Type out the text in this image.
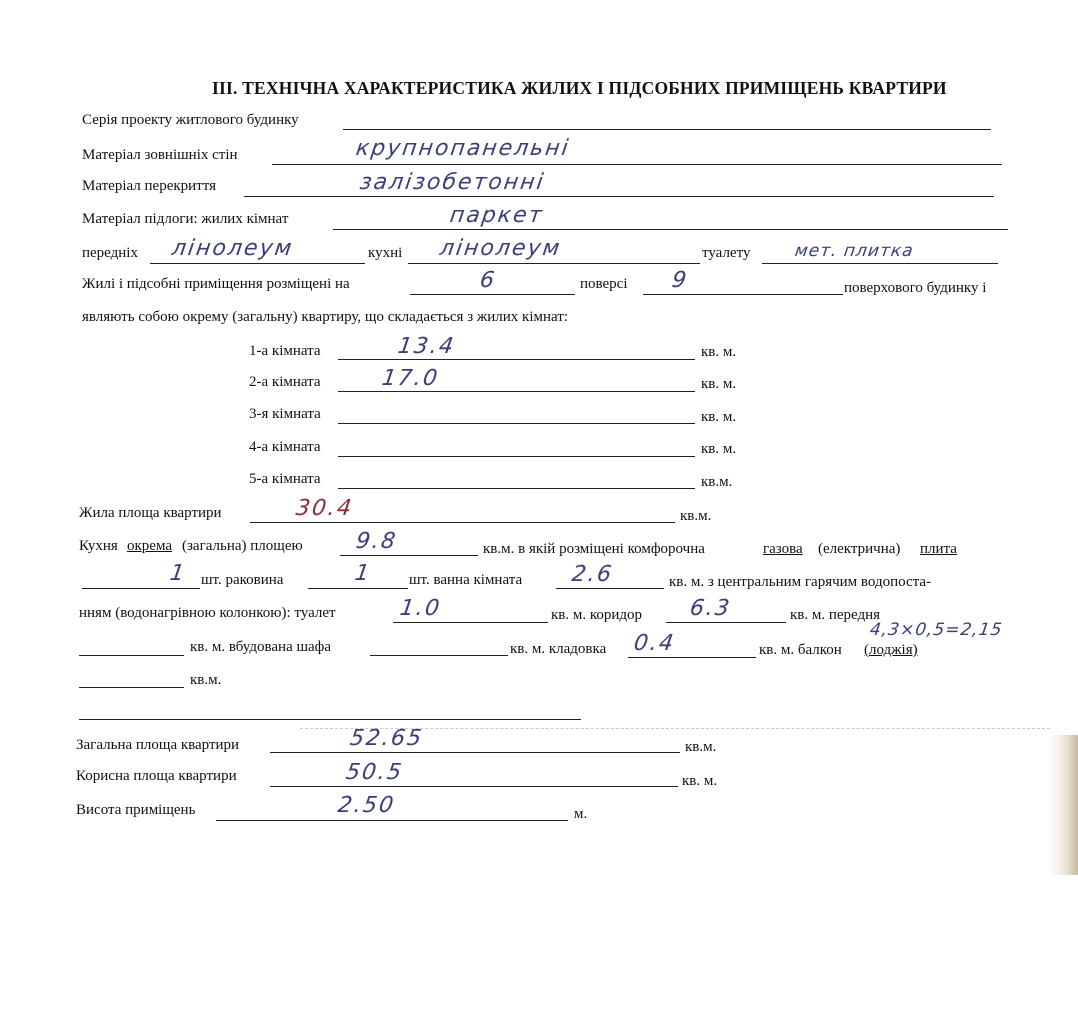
ІІІ. ТЕХНІЧНА ХАРАКТЕРИСТИКА ЖИЛИХ І ПІДСОБНИХ ПРИМІЩЕНЬ КВАРТИРИ
Серія проекту житлового будинку
Матеріал зовнішніх стін	крупнопанельні
Матеріал перекриття	залізобетонні
Матеріал підлоги: жилих кімнат	паркет
передніх лінолеум	кухні лінолеум	туалету	мет. плитка
Жилі і підсобні приміщення розміщені на	6	поверсі 9	поверхового будинку і
являють собою окрему (загальну) квартиру, що складається з жилих кімнат:
1-а кімната	13.4	кв. м.
2-а кімната	17.0	кв. м.
3-я кімната	кв. м.
4-а кімната	кв. м.
5-а кімната	кв.м.
Жила площа квартири	30.4	кв.м.
Кухня окрема (загальна) площею 9.8	кв.м. в якій розміщені комфорочна	газова (електрична) плита
1 шт. раковина	1 шт. ванна кімната 2.6	кв. м. з центральним гарячим водопоста-
нням (водонагрівною колонкою): туалет	1.0	кв. м. коридор 6.3	кв. м. передня
4,3×0,5=2,15
кв. м. вбудована шафа	кв. м. кладовка 0.4	кв. м. балкон (лоджія)
кв.м.
Загальна площа квартири	52.65	кв.м.
Корисна площа квартири	50.5	кв. м.
Висота приміщень	2.50	м.
